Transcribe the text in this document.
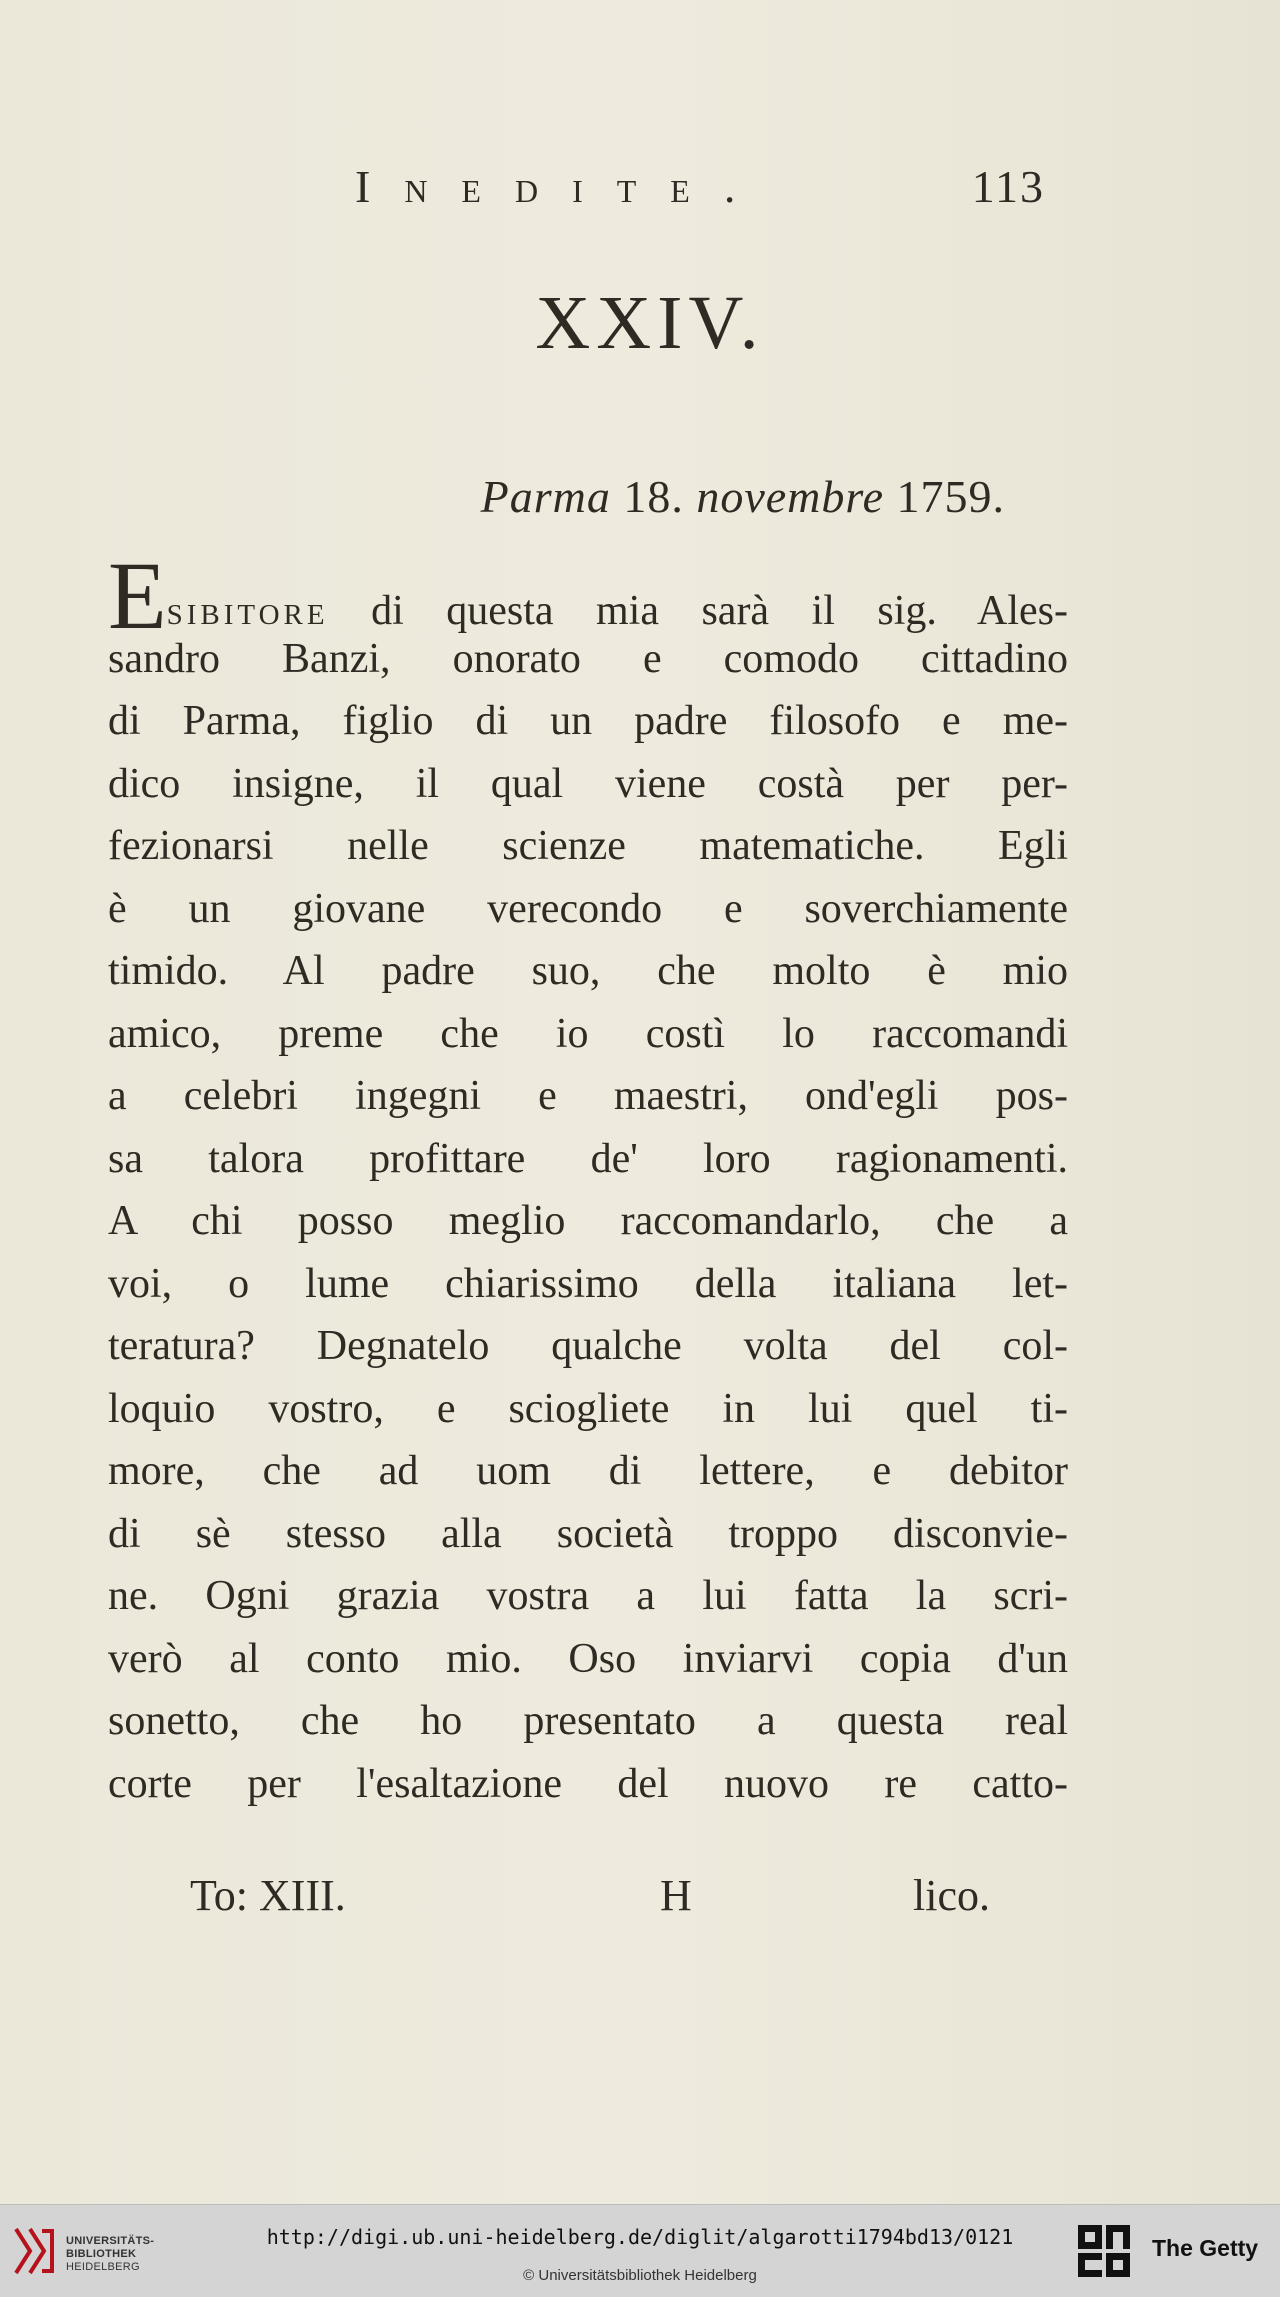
Inedite.	113
XXIV.
Parma 18. novembre 1759.
Esibitore di questa mia sarà il sig. Ales-
sandro Banzi, onorato e comodo cittadino
di Parma, figlio di un padre filosofo e me-
dico insigne, il qual viene costà per per-
fezionarsi nelle scienze matematiche. Egli
è un giovane verecondo e soverchiamente
timido. Al padre suo, che molto è mio
amico, preme che io costì lo raccomandi
a celebri ingegni e maestri, ond'egli pos-
sa talora profittare de' loro ragionamenti.
A chi posso meglio raccomandarlo, che a
voi, o lume chiarissimo della italiana let-
teratura? Degnatelo qualche volta del col-
loquio vostro, e sciogliete in lui quel ti-
more, che ad uom di lettere, e debitor
di sè stesso alla società troppo disconvie-
ne. Ogni grazia vostra a lui fatta la scri-
verò al conto mio. Oso inviarvi copia d'un
sonetto, che ho presentato a questa real
corte per l'esaltazione del nuovo re catto-
To: XIII.	H	lico.
UNIVERSITÄTS-
BIBLIOTHEK
HEIDELBERG
http://digi.ub.uni-heidelberg.de/diglit/algarotti1794bd13/0121
© Universitätsbibliothek Heidelberg
The Getty
